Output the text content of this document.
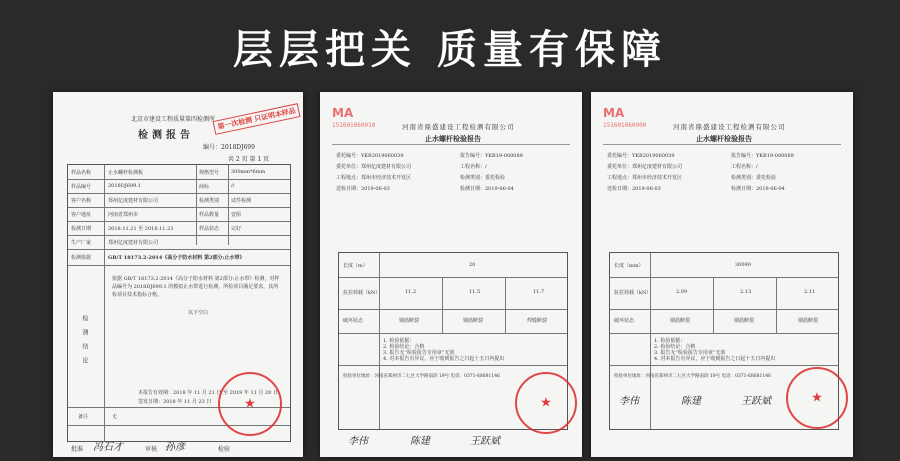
层层把关 质量有保障
北京市建设工程质量第四检测所
检测报告
编号：2018DJ699
第一次检测 只证明本样品
共 2 页 第 1 页
样品名称	止水螺杆检测板	规格型号 300mm*6mm
样品编号	2018DJ699.1	商标	//
客户名称	郑州亿度建材有限公司	检测类别 试件检测
客户地址	河南省郑州市	样品数量 壹组
检测日期	2018.11.21 至 2018.11.23	样品状态 完好
生产厂家	郑州亿度建材有限公司
检测依据	GB/T 18173.2-2014《高分子防水材料 第2部分:止水带》
检测结论
依据 GB/T 18173.2-2014《高分子防水材料 第2部分:止水带》检测，对样品编号为 2018DJ699.1 的模拟止水带进行检测，所检项目满足要求，其所检项目技术指标合格。
以下空白
本报告有效期：2018 年 11 月 21 日 至 2019 年 11 月 20 日
签发日期：2018 年 11 月 23 日
备注	无
批准 冯石才	审核 孙彦	检验
★
MA
151601060010	河南省鼎盛建设工程检测有限公司
止水螺杆检验报告
委托编号：YKB2019060039	报告编号：YKB19-000089
委托单位：郑州亿度建材有限公司	工程名称：/
工程地点：郑州市经济技术开发区	检测类别：委托检验
送检日期：2019-06-03	检测日期：2019-06-04
长度（m）	20
抗拉荷载（kN）	11.2	11.5	11.7
破坏状态	钢筋断裂	钢筋断裂	焊缝断裂
1. 检验依据：
2. 检验结论：合格
3. 报告无“检验报告专用章”无效
4. 对本报告有异议，应于收到报告之日起十五日内提出
检验单位地址：河南省郑州市二七区大学路南段 19号 电话：0371-68681146
★
李伟	陈建	王跃斌
MA
151601060000	河南省鼎盛建设工程检测有限公司
止水螺杆检验报告
委托编号：YKB2019060039	报告编号：YKB19-000089
委托单位：郑州亿度建材有限公司	工程名称：/
工程地点：郑州市经济技术开发区	检测类别：委托检验
送检日期：2019-06-03	检测日期：2019-06-04
长度（mm）	30090
抗拉荷载（kN）	2.09	2.13	2.11
破坏状态	钢筋断裂	钢筋断裂	钢筋断裂
1. 检验依据：
2. 检验结论：合格
3. 报告无“检验报告专用章”无效
4. 对本报告有异议，应于收到报告之日起十五日内提出
检验单位地址：河南省郑州市二七区大学路南段 19号 电话：0371-68681146
★
李伟	陈建	王跃斌
